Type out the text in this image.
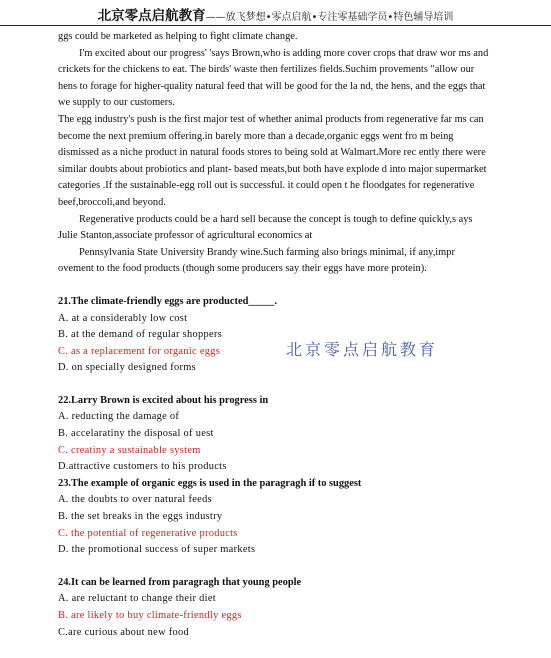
北京零点启航教育——放飞梦想•零点启航•专注零基础学员•特色辅导培训

ggs could be marketed as helping to fight climate change.

I'm excited about our progress' 'says Brown,who is adding more cover crops that draw wor ms and crickets for the chickens to eat. The birds' waste then fertilizes fields.Suchim provements "allow our hens to forage for higher-quality natural feed that will be good for the la nd, the hens, and the eggs that we supply to our customers.

The egg industry's push is the first major test of whether animal products from regenerative far ms can become the next premium offering.in barely more than a decade,organic eggs went fro m being dismissed as a niche product in natural foods stores to being sold at Walmart.More rec ently there were similar doubts about probiotics and plant- based meats,but both have explode d into major supermarket categories .If the sustainable-egg roll out is successful. it could open t he floodgates for regenerative beef,broccoli,and beyond.

Regenerative products could be a hard sell because the concept is tough to define quickly,s ays Julie Stanton,associate professor of agricultural economics at

Pennsylvania State University Brandy wine.Such farming also brings minimal, if any,impr ovement to the food products (though some producers say their eggs have more protein).

21.The climate-friendly eggs are producted_____.

A. at a considerably low cost

B. at the demand of regular shoppers

C. as a replacement for organic eggs

D. on specially designed forms

22.Larry Brown is excited about his progress in

A. reducting the damage of

B. accelaratiny the disposal of uest

C. creatiny a sustainable system

D.attractive customers to his products

23.The example of organic eggs is used in the paragragh if to suggest

A. the doubts to over natural feeds

B. the set breaks in the eggs industry

C. the potential of regenerative products

D. the promotional success of super markets

24.It can be learned from paragragh that young people

A. are reluctant to change their diet

B. are likely to buy climate-friendly eggs

C.are curious about new food

北京零点启航教育
